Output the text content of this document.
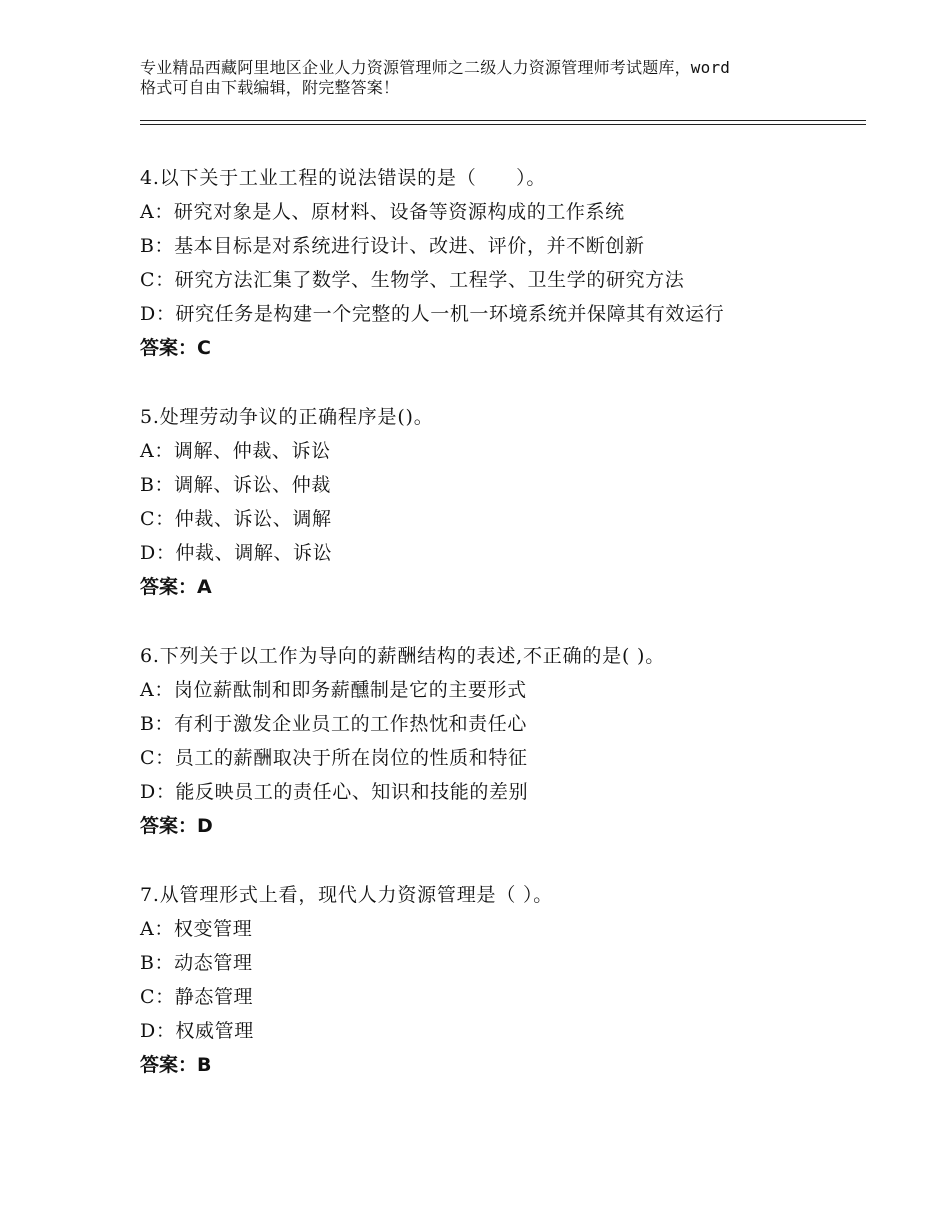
专业精品西藏阿里地区企业人力资源管理师之二级人力资源管理师考试题库，word
格式可自由下载编辑，附完整答案！
4.以下关于工业工程的说法错误的是（　　）。
A：研究对象是人、原材料、设备等资源构成的工作系统
B：基本目标是对系统进行设计、改进、评价，并不断创新
C：研究方法汇集了数学、生物学、工程学、卫生学的研究方法
D：研究任务是构建一个完整的人一机一环境系统并保障其有效运行
答案：C
5.处理劳动争议的正确程序是()。
A：调解、仲裁、诉讼
B：调解、诉讼、仲裁
C：仲裁、诉讼、调解
D：仲裁、调解、诉讼
答案：A
6.下列关于以工作为导向的薪酬结构的表述,不正确的是( )。
A：岗位薪酞制和即务薪醺制是它的主要形式
B：有利于激发企业员工的工作热忱和责任心
C：员工的薪酬取决于所在岗位的性质和特征
D：能反映员工的责任心、知识和技能的差别
答案：D
7.从管理形式上看，现代人力资源管理是（ ）。
A：权变管理
B：动态管理
C：静态管理
D：权威管理
答案：B
